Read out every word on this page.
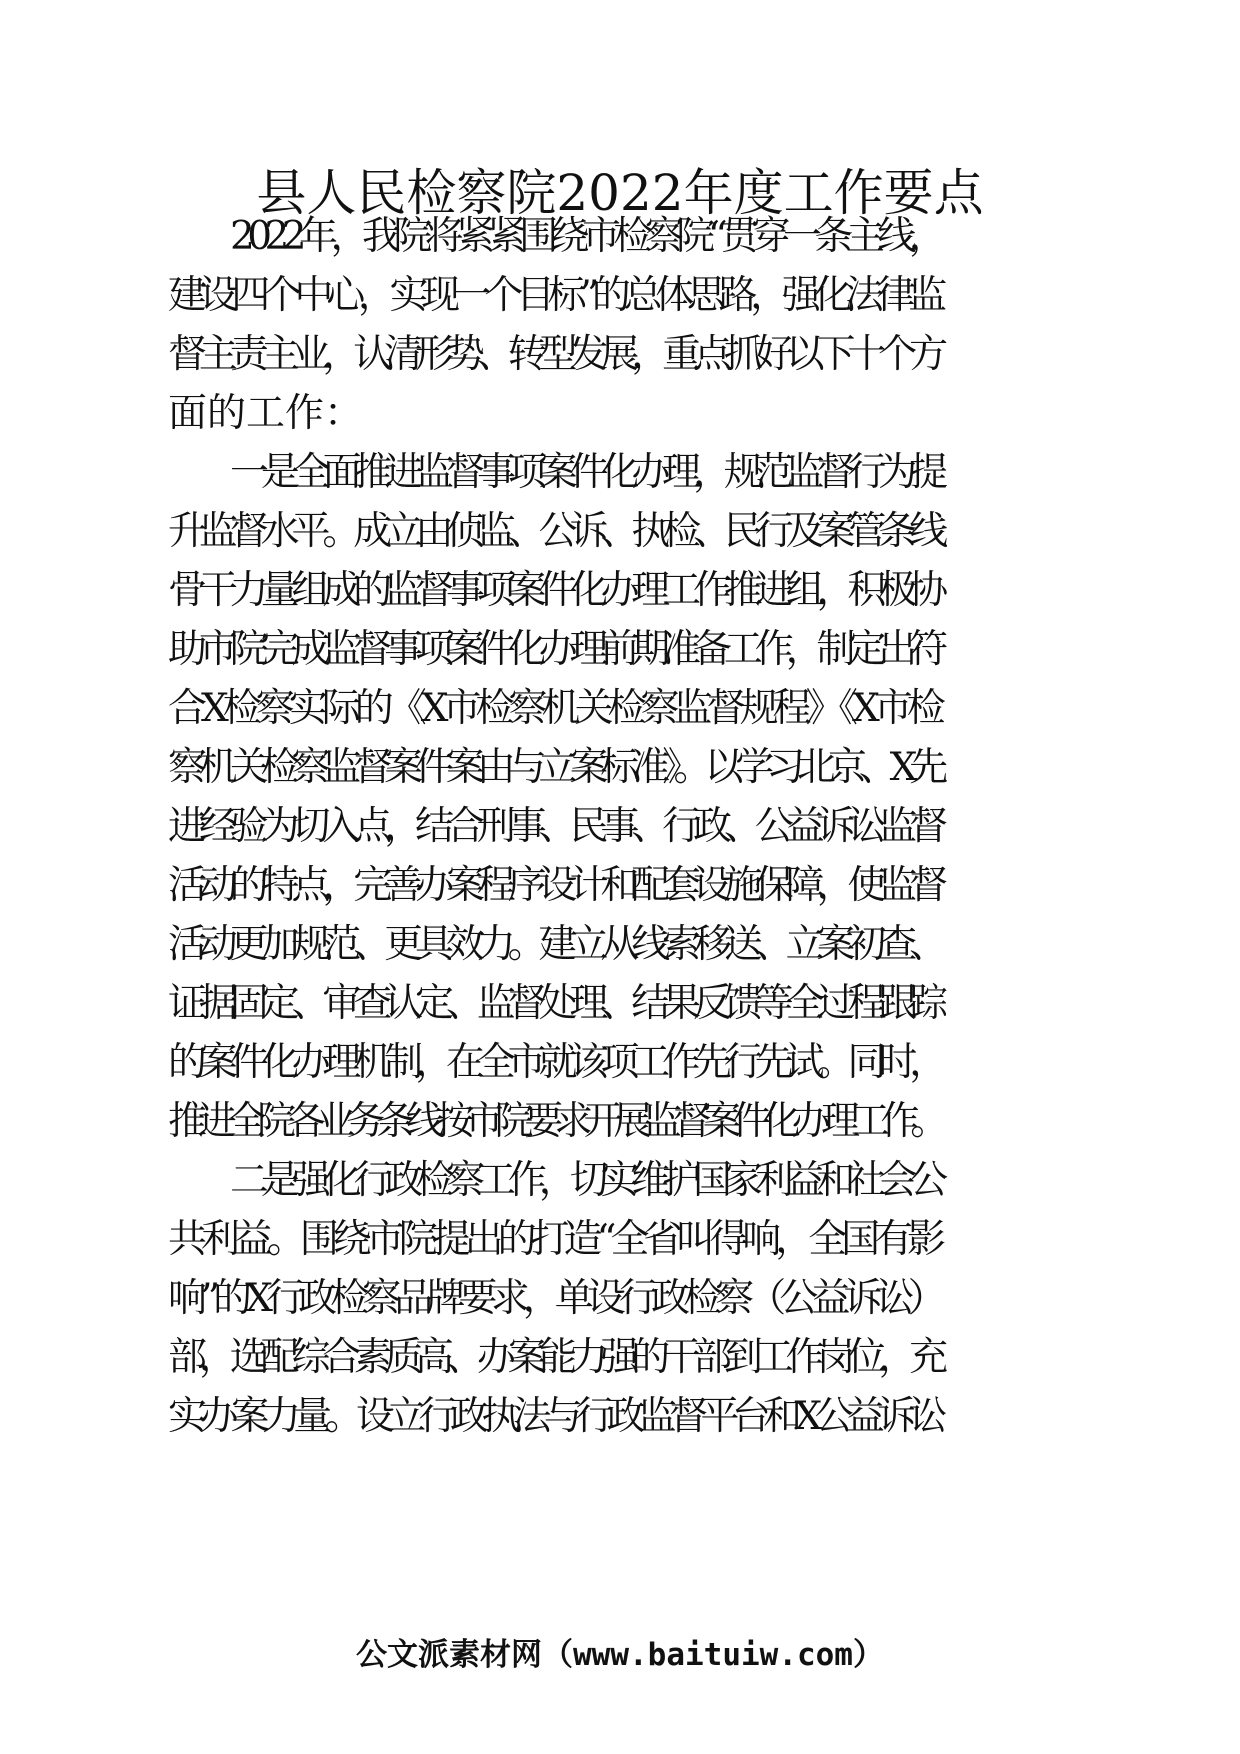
县人民检察院2022年度工作要点
2022年，我院将紧紧围绕市检察院“贯穿一条主线，
建设四个中心，实现一个目标”的总体思路，强化法律监
督主责主业，认清形势、转型发展，重点抓好以下十个方
面的工作：
一是全面推进监督事项案件化办理，规范监督行为提
升监督水平。成立由侦监、公诉、执检、民行及案管条线
骨干力量组成的监督事项案件化办理工作推进组，积极协
助市院完成监督事项案件化办理前期准备工作，制定出符
合X检察实际的《X市检察机关检察监督规程》《X市检
察机关检察监督案件案由与立案标准》。以学习北京、X先
进经验为切入点，结合刑事、民事、行政、公益诉讼监督
活动的特点，完善办案程序设计和配套设施保障，使监督
活动更加规范、更具效力。建立从线索移送、立案初查、
证据固定、审查认定、监督处理、结果反馈等全过程跟踪
的案件化办理机制，在全市就该项工作先行先试。同时，
推进全院各业务条线按市院要求开展监督案件化办理工作。
二是强化行政检察工作，切实维护国家利益和社会公
共利益。围绕市院提出的打造“全省叫得响，全国有影
响”的X行政检察品牌要求，单设行政检察（公益诉讼）
部，选配综合素质高、办案能力强的干部到工作岗位，充
实办案力量。设立行政执法与行政监督平台和X公益诉讼
公文派素材网（www.baituiw.com）
